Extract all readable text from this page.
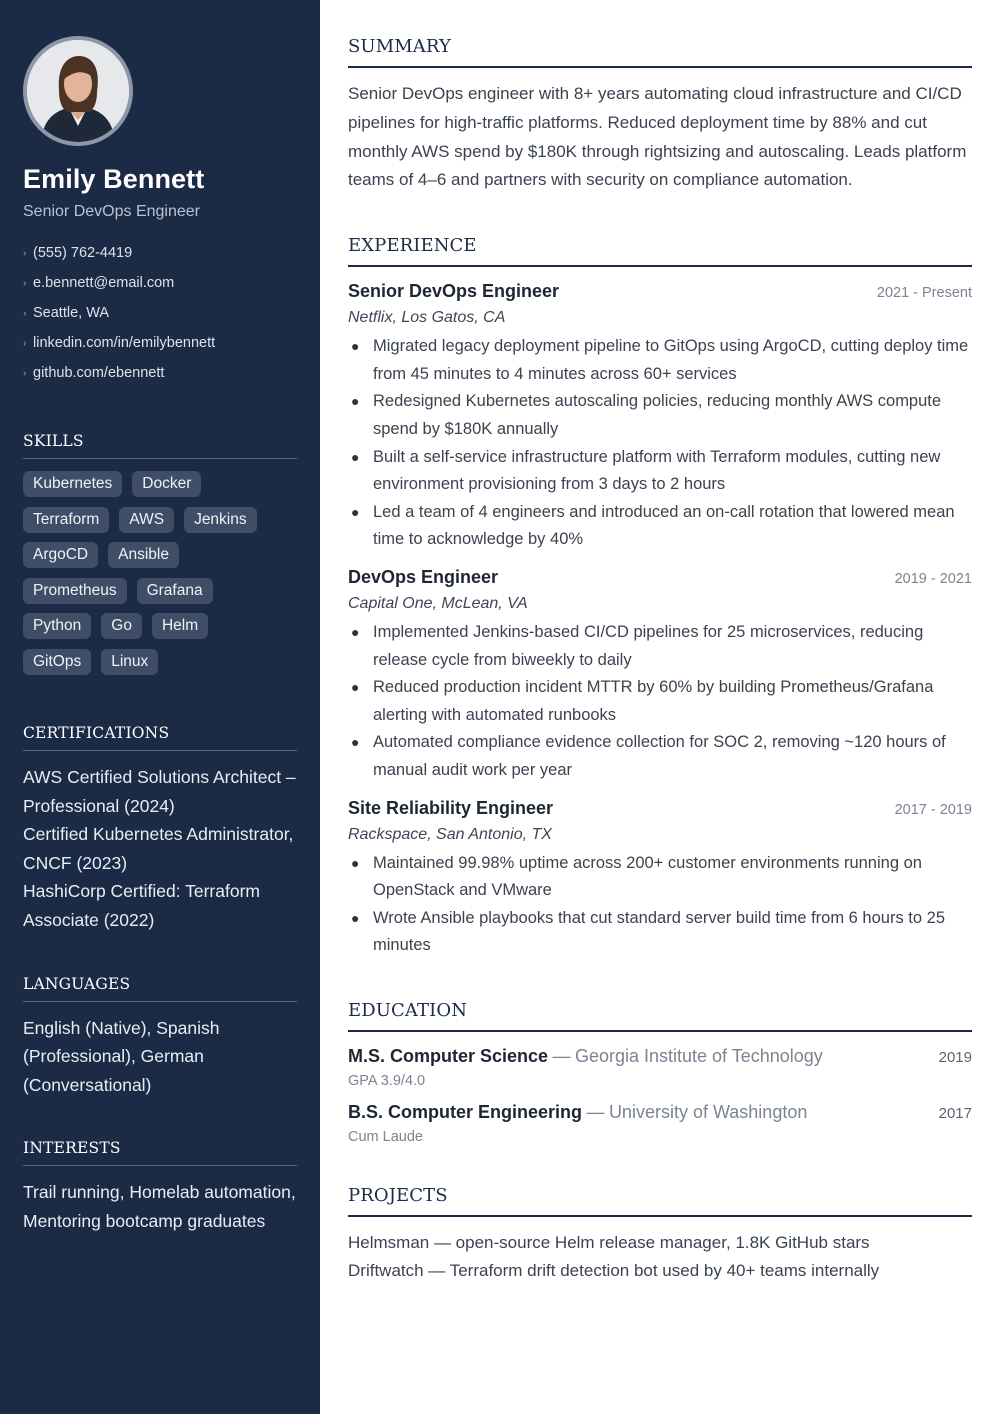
Emily Bennett
Senior DevOps Engineer
› (555) 762-4419
› e.bennett@email.com
› Seattle, WA
› linkedin.com/in/emilybennett
› github.com/ebennett
SKILLS
Kubernetes	Docker
Terraform	AWS	Jenkins
ArgoCD	Ansible
Prometheus	Grafana
Python	Go	Helm
GitOps	Linux
CERTIFICATIONS
AWS Certified Solutions Architect – Professional (2024)
Certified Kubernetes Administrator, CNCF (2023)
HashiCorp Certified: Terraform Associate (2022)
LANGUAGES
English (Native), Spanish (Professional), German (Conversational)
INTERESTS
Trail running, Homelab automation, Mentoring bootcamp graduates
SUMMARY

Senior DevOps engineer with 8+ years automating cloud infrastructure and CI/CD pipelines for high-traffic platforms. Reduced deployment time by 88% and cut monthly AWS spend by $180K through rightsizing and autoscaling. Leads platform teams of 4–6 and partners with security on compliance automation.

EXPERIENCE
Senior DevOps Engineer	2021 - Present
Netflix, Los Gatos, CA
● Migrated legacy deployment pipeline to GitOps using ArgoCD, cutting deploy time from 45 minutes to 4 minutes across 60+ services
● Redesigned Kubernetes autoscaling policies, reducing monthly AWS compute spend by $180K annually
● Built a self-service infrastructure platform with Terraform modules, cutting new environment provisioning from 3 days to 2 hours
● Led a team of 4 engineers and introduced an on-call rotation that lowered mean time to acknowledge by 40%
DevOps Engineer	2019 - 2021
Capital One, McLean, VA
● Implemented Jenkins-based CI/CD pipelines for 25 microservices, reducing release cycle from biweekly to daily
● Reduced production incident MTTR by 60% by building Prometheus/Grafana alerting with automated runbooks
● Automated compliance evidence collection for SOC 2, removing ~120 hours of manual audit work per year
Site Reliability Engineer	2017 - 2019
Rackspace, San Antonio, TX
● Maintained 99.98% uptime across 200+ customer environments running on OpenStack and VMware
● Wrote Ansible playbooks that cut standard server build time from 6 hours to 25 minutes
EDUCATION
M.S. Computer Science — Georgia Institute of Technology	2019
GPA 3.9/4.0
B.S. Computer Engineering — University of Washington	2017
Cum Laude
PROJECTS
Helmsman — open-source Helm release manager, 1.8K GitHub stars
Driftwatch — Terraform drift detection bot used by 40+ teams internally
